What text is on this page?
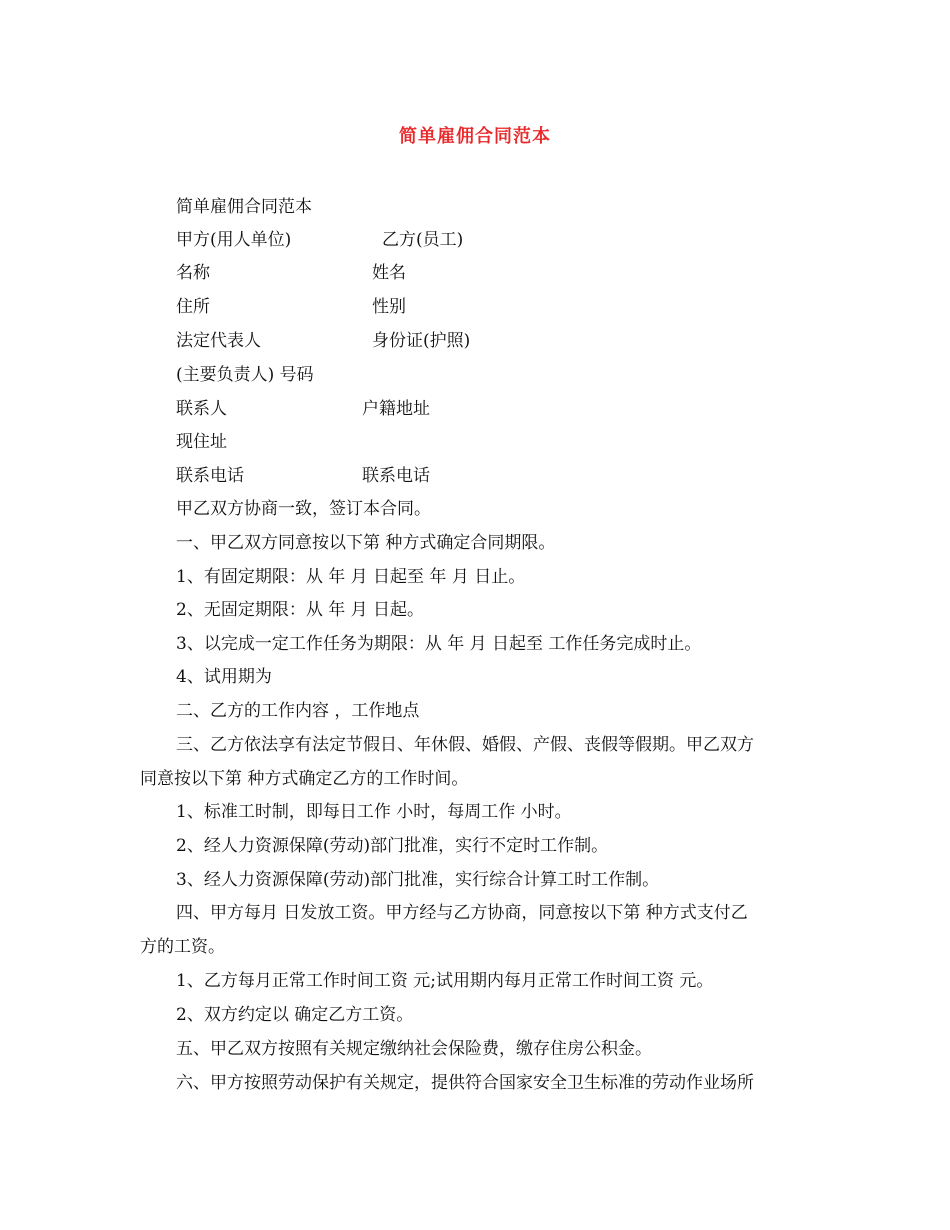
简单雇佣合同范本
简单雇佣合同范本
甲方(用人单位)	乙方(员工)
名称	姓名
住所	性别
法定代表人	身份证(护照)
(主要负责人) 号码
联系人	户籍地址
现住址
联系电话	联系电话
甲乙双方协商一致，签订本合同。
一、甲乙双方同意按以下第 种方式确定合同期限。
1、有固定期限：从 年 月 日起至 年 月 日止。
2、无固定期限：从 年 月 日起。
3、以完成一定工作任务为期限：从 年 月 日起至 工作任务完成时止。
4、试用期为
二、乙方的工作内容 ，工作地点
三、乙方依法享有法定节假日、年休假、婚假、产假、丧假等假期。甲乙双方
同意按以下第 种方式确定乙方的工作时间。
1、标准工时制，即每日工作 小时，每周工作 小时。
2、经人力资源保障(劳动)部门批准，实行不定时工作制。
3、经人力资源保障(劳动)部门批准，实行综合计算工时工作制。
四、甲方每月 日发放工资。甲方经与乙方协商，同意按以下第 种方式支付乙
方的工资。
1、乙方每月正常工作时间工资 元;试用期内每月正常工作时间工资 元。
2、双方约定以 确定乙方工资。
五、甲乙双方按照有关规定缴纳社会保险费，缴存住房公积金。
六、甲方按照劳动保护有关规定，提供符合国家安全卫生标准的劳动作业场所
